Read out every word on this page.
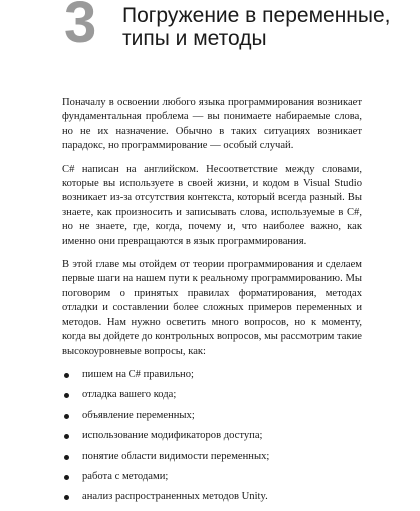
3 Погружение в переменные,
типы и методы

Поначалу в освоении любого языка программирования возникает фундаментальная проблема — вы понимаете набираемые слова, но не их назначение. Обычно в таких ситуациях возникает парадокс, но программирование — особый случай.

C# написан на английском. Несоответствие между словами, которые вы используете в своей жизни, и кодом в Visual Studio возникает из-за отсутствия контекста, который всегда разный. Вы знаете, как произносить и записывать слова, используемые в C#, но не знаете, где, когда, почему и, что наиболее важно, как именно они превращаются в язык программирования.

В этой главе мы отойдем от теории программирования и сделаем первые шаги на нашем пути к реальному программированию. Мы поговорим о принятых правилах форматирования, методах отладки и составлении более сложных примеров переменных и методов. Нам нужно осветить много вопросов, но к моменту, когда вы дойдете до контрольных вопросов, мы рассмотрим такие высокоуровневые вопросы, как:

пишем на C# правильно;
отладка вашего кода;
объявление переменных;
использование модификаторов доступа;
понятие области видимости переменных;
работа с методами;
анализ распространенных методов Unity.
